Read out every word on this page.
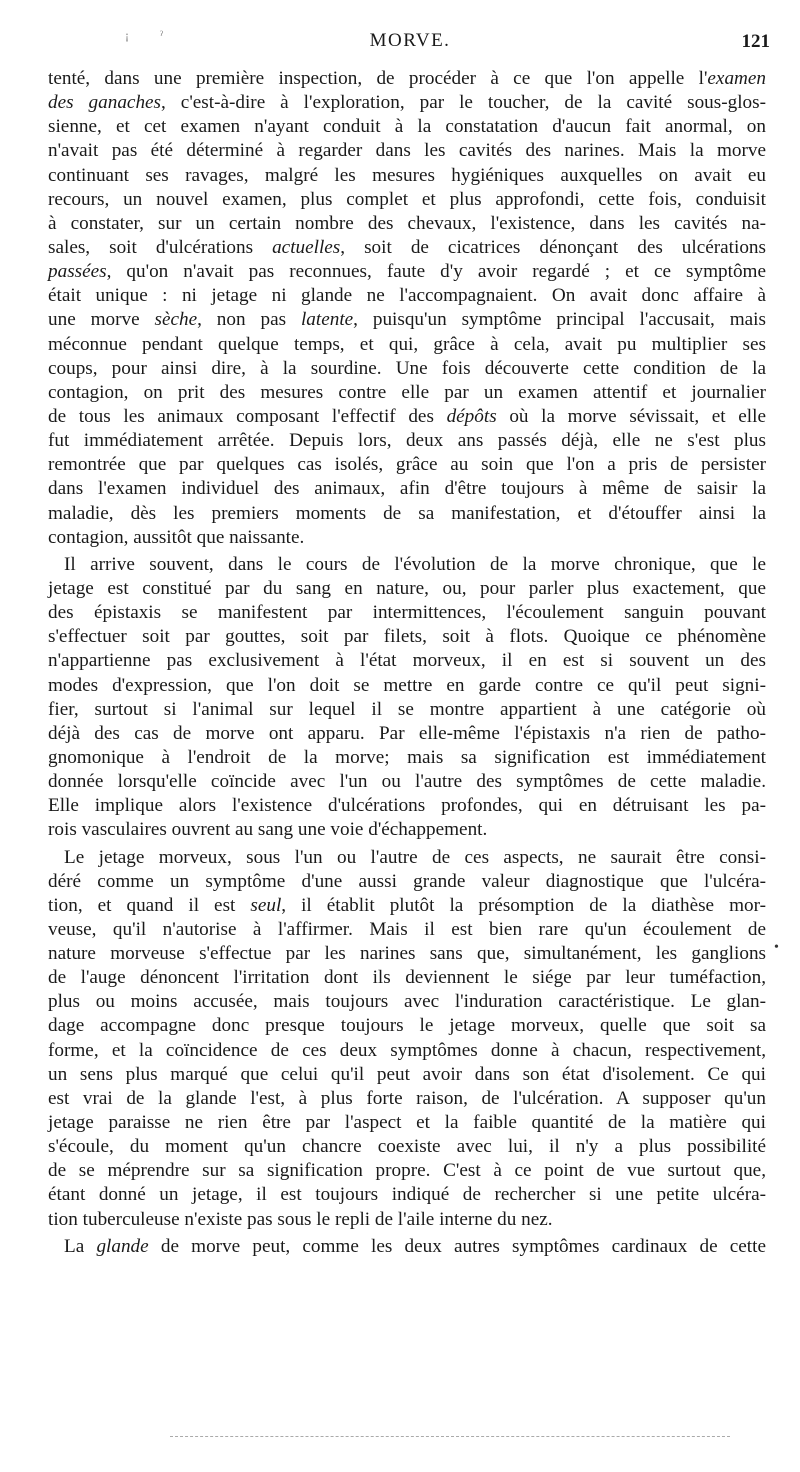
¡	ˀ	MORVE.	121
tenté, dans une première inspection, de procéder à ce que l'on appelle l'examen
des ganaches, c'est-à-dire à l'exploration, par le toucher, de la cavité sous-glos-
sienne, et cet examen n'ayant conduit à la constatation d'aucun fait anormal, on
n'avait pas été déterminé à regarder dans les cavités des narines. Mais la morve
continuant ses ravages, malgré les mesures hygiéniques auxquelles on avait eu
recours, un nouvel examen, plus complet et plus approfondi, cette fois, conduisit
à constater, sur un certain nombre des chevaux, l'existence, dans les cavités na-
sales, soit d'ulcérations actuelles, soit de cicatrices dénonçant des ulcérations
passées, qu'on n'avait pas reconnues, faute d'y avoir regardé ; et ce symptôme
était unique : ni jetage ni glande ne l'accompagnaient. On avait donc affaire à
une morve sèche, non pas latente, puisqu'un symptôme principal l'accusait, mais
méconnue pendant quelque temps, et qui, grâce à cela, avait pu multiplier ses
coups, pour ainsi dire, à la sourdine. Une fois découverte cette condition de la
contagion, on prit des mesures contre elle par un examen attentif et journalier
de tous les animaux composant l'effectif des dépôts où la morve sévissait, et elle
fut immédiatement arrêtée. Depuis lors, deux ans passés déjà, elle ne s'est plus
remontrée que par quelques cas isolés, grâce au soin que l'on a pris de persister
dans l'examen individuel des animaux, afin d'être toujours à même de saisir la
maladie, dès les premiers moments de sa manifestation, et d'étouffer ainsi la
contagion, aussitôt que naissante.
Il arrive souvent, dans le cours de l'évolution de la morve chronique, que le
jetage est constitué par du sang en nature, ou, pour parler plus exactement, que
des épistaxis se manifestent par intermittences, l'écoulement sanguin pouvant
s'effectuer soit par gouttes, soit par filets, soit à flots. Quoique ce phénomène
n'appartienne pas exclusivement à l'état morveux, il en est si souvent un des
modes d'expression, que l'on doit se mettre en garde contre ce qu'il peut signi-
fier, surtout si l'animal sur lequel il se montre appartient à une catégorie où
déjà des cas de morve ont apparu. Par elle-même l'épistaxis n'a rien de patho-
gnomonique à l'endroit de la morve; mais sa signification est immédiatement
donnée lorsqu'elle coïncide avec l'un ou l'autre des symptômes de cette maladie.
Elle implique alors l'existence d'ulcérations profondes, qui en détruisant les pa-
rois vasculaires ouvrent au sang une voie d'échappement.
Le jetage morveux, sous l'un ou l'autre de ces aspects, ne saurait être consi-
déré comme un symptôme d'une aussi grande valeur diagnostique que l'ulcéra-
tion, et quand il est seul, il établit plutôt la présomption de la diathèse mor-
veuse, qu'il n'autorise à l'affirmer. Mais il est bien rare qu'un écoulement de
nature morveuse s'effectue par les narines sans que, simultanément, les ganglions
de l'auge dénoncent l'irritation dont ils deviennent le siége par leur tuméfaction,
plus ou moins accusée, mais toujours avec l'induration caractéristique. Le glan-
dage accompagne donc presque toujours le jetage morveux, quelle que soit sa
forme, et la coïncidence de ces deux symptômes donne à chacun, respectivement,
un sens plus marqué que celui qu'il peut avoir dans son état d'isolement. Ce qui
est vrai de la glande l'est, à plus forte raison, de l'ulcération. A supposer qu'un
jetage paraisse ne rien être par l'aspect et la faible quantité de la matière qui
s'écoule, du moment qu'un chancre coexiste avec lui, il n'y a plus possibilité
de se méprendre sur sa signification propre. C'est à ce point de vue surtout que,
étant donné un jetage, il est toujours indiqué de rechercher si une petite ulcéra-
tion tuberculeuse n'existe pas sous le repli de l'aile interne du nez.
La glande de morve peut, comme les deux autres symptômes cardinaux de cette
•
